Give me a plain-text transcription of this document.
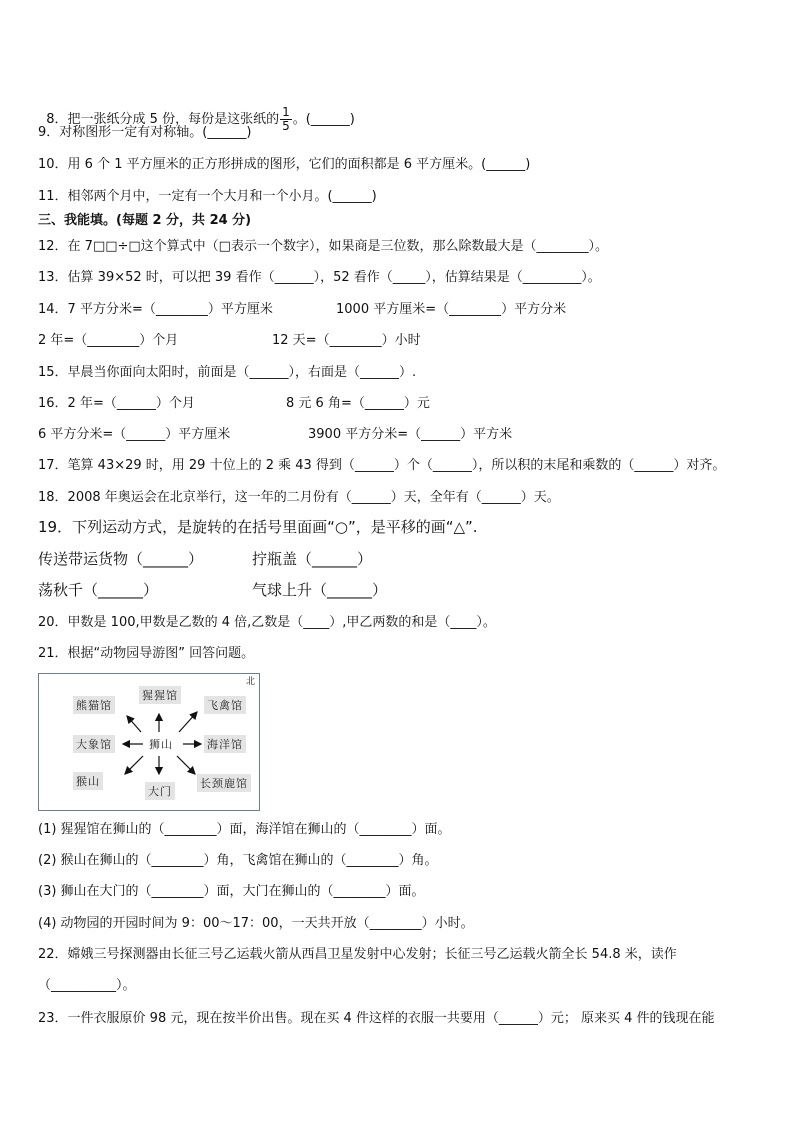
8．把一张纸分成 5 份，每份是这张纸的 $\frac{1}{5}$ 。(______)

9．对称图形一定有对称轴。(______)
10．用 6 个 1 平方厘米的正方形拼成的图形，它们的面积都是 6 平方厘米。(______)
11．相邻两个月中，一定有一个大月和一个小月。(______)
三、我能填。(每题 2 分，共 24 分)
12．在 7□□÷□这个算式中（□表示一个数字），如果商是三位数，那么除数最大是（________）。
13．估算 39×52 时，可以把 39 看作（______），52 看作（_____），估算结果是（_________）。
14．7 平方分米=（________）平方厘米	1000 平方厘米=（________）平方分米
2 年=（________）个月	12 天=（________）小时
15．早晨当你面向太阳时，前面是（______），右面是（______）.
16．2 年=（______）个月	8 元 6 角=（______）元
6 平方分米=（______）平方厘米	3900 平方分米=（______）平方米
17．笔算 43×29 时，用 29 十位上的 2 乘 43 得到（______）个（______），所以积的末尾和乘数的（______）对齐。
18．2008 年奥运会在北京举行，这一年的二月份有（______）天，全年有（______）天。
19．下列运动方式，是旋转的在括号里面画“○”，是平移的画“△”.
传送带运货物（______）	拧瓶盖（______）
荡秋千（______）	气球上升（______）
20．甲数是 100,甲数是乙数的 4 倍,乙数是（____）,甲乙两数的和是（____）。
21．根据“动物园导游图” 回答问题。
北
熊猫馆
猩猩馆
飞禽馆
大象馆	狮山	海洋馆
猴山
大门
长颈鹿馆
(1) 猩猩馆在狮山的（________）面，海洋馆在狮山的（________）面。
(2) 猴山在狮山的（________）角，飞禽馆在狮山的（________）角。
(3) 狮山在大门的（________）面，大门在狮山的（________）面。
(4) 动物园的开园时间为 9：00～17：00，一天共开放（________）小时。
22．嫦娥三号探测器由长征三号乙运载火箭从西昌卫星发射中心发射；长征三号乙运载火箭全长 54.8 米，读作
（__________）。
23．一件衣服原价 98 元，现在按半价出售。现在买 4 件这样的衣服一共要用（______）元； 原来买 4 件的钱现在能
